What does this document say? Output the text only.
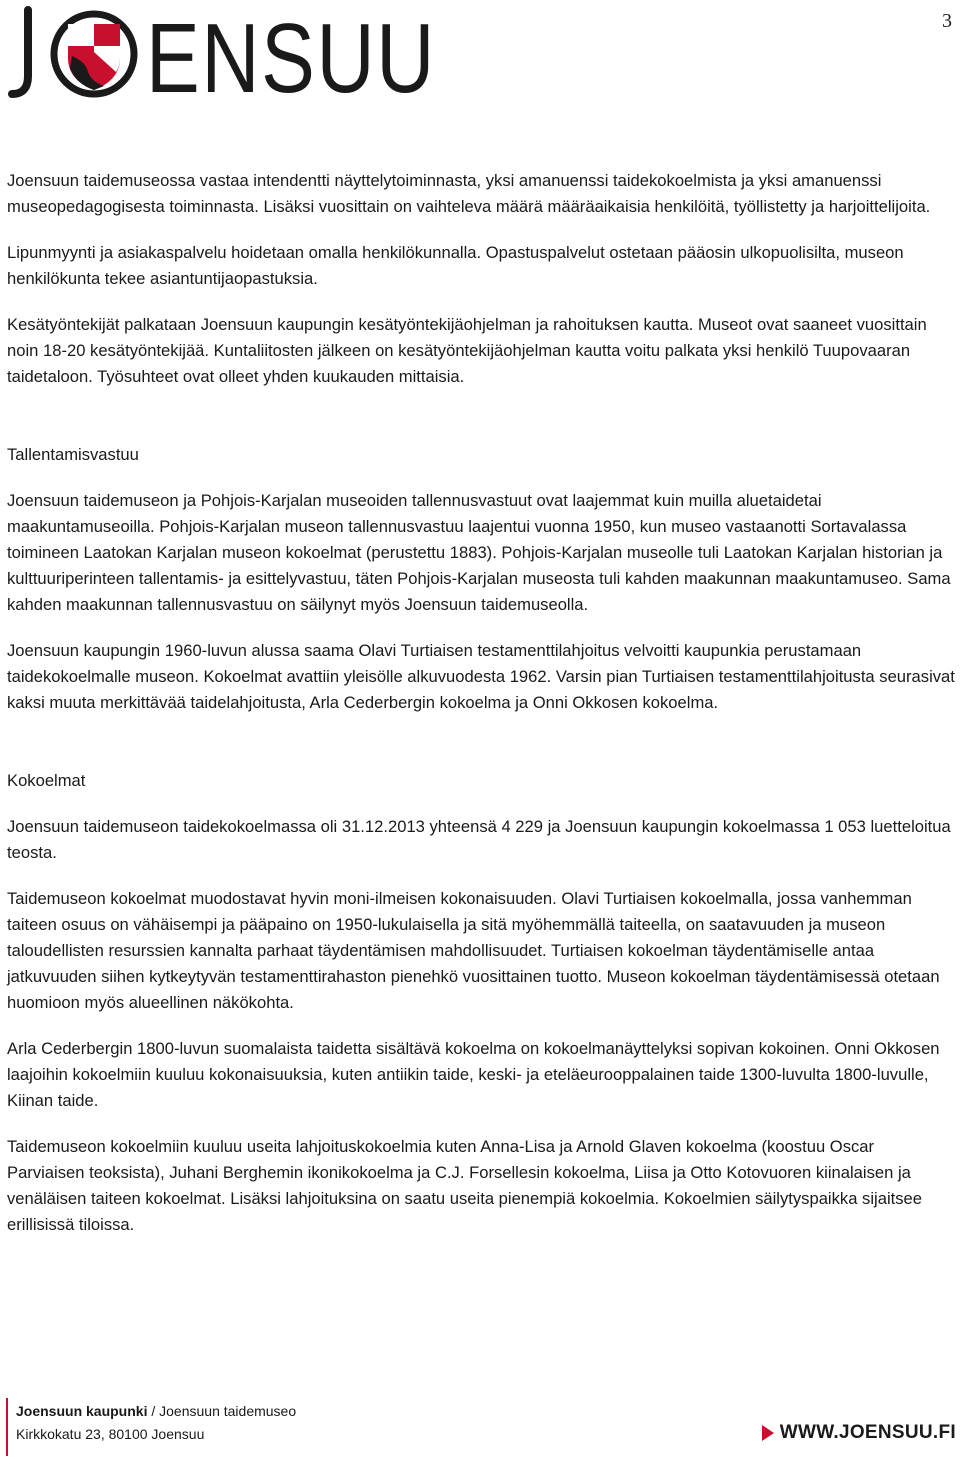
3
ENSUU

Joensuun taidemuseossa vastaa intendentti näyttelytoiminnasta, yksi amanuenssi taidekokoelmista ja yksi amanuenssi museopedagogisesta toiminnasta. Lisäksi vuosittain on vaihteleva määrä määräaikaisia henkilöitä, työllistetty ja harjoittelijoita.

Lipunmyynti ja asiakaspalvelu hoidetaan omalla henkilökunnalla. Opastuspalvelut ostetaan pääosin ulkopuolisilta, museon henkilökunta tekee asiantuntijaopastuksia.

Kesätyöntekijät palkataan Joensuun kaupungin kesätyöntekijäohjelman ja rahoituksen kautta. Museot ovat saaneet vuosittain noin 18-20 kesätyöntekijää. Kuntaliitosten jälkeen on kesätyöntekijäohjelman kautta voitu palkata yksi henkilö Tuupovaaran taidetaloon. Työsuhteet ovat olleet yhden kuukauden mittaisia.

Tallentamisvastuu

Joensuun taidemuseon ja Pohjois-Karjalan museoiden tallennusvastuut ovat laajemmat kuin muilla aluetaidetai maakuntamuseoilla. Pohjois-Karjalan museon tallennusvastuu laajentui vuonna 1950, kun museo vastaanotti Sortavalassa toimineen Laatokan Karjalan museon kokoelmat (perustettu 1883). Pohjois-Karjalan museolle tuli Laatokan Karjalan historian ja kulttuuriperinteen tallentamis- ja esittelyvastuu, täten Pohjois-Karjalan museosta tuli kahden maakunnan maakuntamuseo. Sama kahden maakunnan tallennusvastuu on säilynyt myös Joensuun taidemuseolla.

Joensuun kaupungin 1960-luvun alussa saama Olavi Turtiaisen testamenttilahjoitus velvoitti kaupunkia perustamaan taidekokoelmalle museon. Kokoelmat avattiin yleisölle alkuvuodesta 1962. Varsin pian Turtiaisen testamenttilahjoitusta seurasivat kaksi muuta merkittävää taidelahjoitusta, Arla Cederbergin kokoelma ja Onni Okkosen kokoelma.

Kokoelmat

Joensuun taidemuseon taidekokoelmassa oli 31.12.2013 yhteensä 4 229 ja Joensuun kaupungin kokoelmassa 1 053 luetteloitua teosta.

Taidemuseon kokoelmat muodostavat hyvin moni-ilmeisen kokonaisuuden. Olavi Turtiaisen kokoelmalla, jossa vanhemman taiteen osuus on vähäisempi ja pääpaino on 1950-lukulaisella ja sitä myöhemmällä taiteella, on saatavuuden ja museon taloudellisten resurssien kannalta parhaat täydentämisen mahdollisuudet. Turtiaisen kokoelman täydentämiselle antaa jatkuvuuden siihen kytkeytyvän testamenttirahaston pienehkö vuosittainen tuotto. Museon kokoelman täydentämisessä otetaan huomioon myös alueellinen näkökohta.

Arla Cederbergin 1800-luvun suomalaista taidetta sisältävä kokoelma on kokoelmanäyttelyksi sopivan kokoinen. Onni Okkosen laajoihin kokoelmiin kuuluu kokonaisuuksia, kuten antiikin taide, keski- ja eteläeurooppalainen taide 1300-luvulta 1800-luvulle, Kiinan taide.

Taidemuseon kokoelmiin kuuluu useita lahjoituskokoelmia kuten Anna-Lisa ja Arnold Glaven kokoelma (koostuu Oscar Parviaisen teoksista), Juhani Berghemin ikonikokoelma ja C.J. Forsellesin kokoelma, Liisa ja Otto Kotovuoren kiinalaisen ja venäläisen taiteen kokoelmat. Lisäksi lahjoituksina on saatu useita pienempiä kokoelmia. Kokoelmien säilytyspaikka sijaitsee erillisissä tiloissa.

Joensuun kaupunki / Joensuun taidemuseo
Kirkkokatu 23, 80100 Joensuu	WWW.JOENSUU.FI
